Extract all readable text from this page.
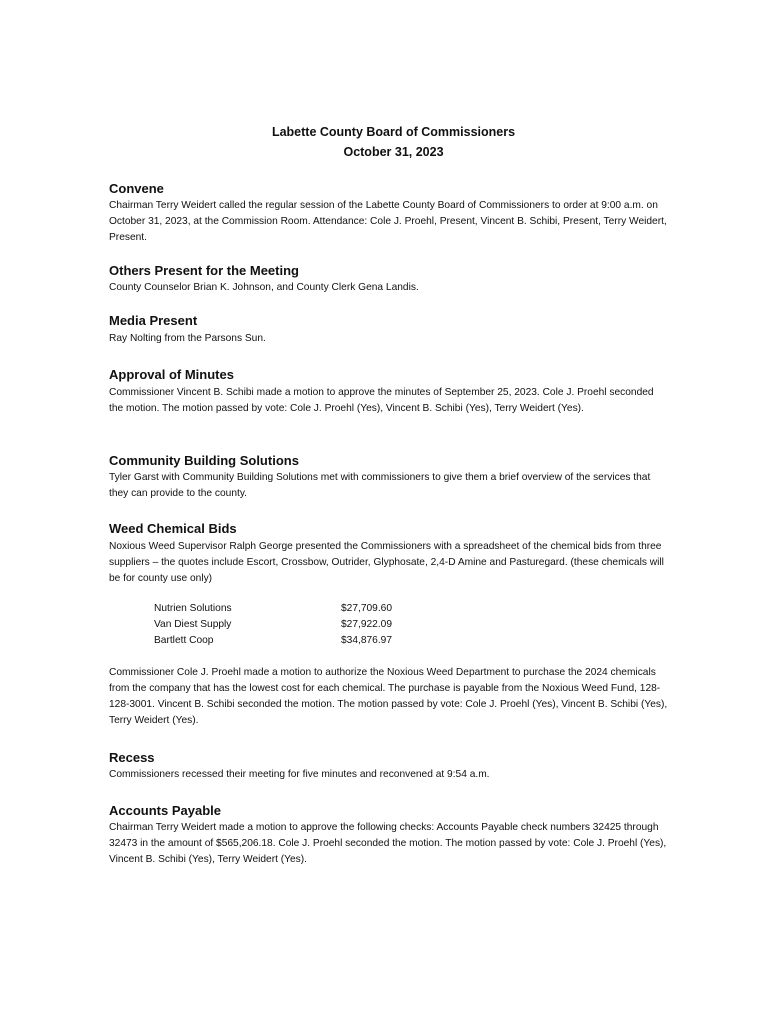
Labette County Board of Commissioners
October 31, 2023
Convene

Chairman Terry Weidert called the regular session of the Labette County Board of Commissioners to order at 9:00 a.m. on October 31, 2023, at the Commission Room. Attendance: Cole J. Proehl, Present, Vincent B. Schibi, Present, Terry Weidert, Present.

Others Present for the Meeting

County Counselor Brian K. Johnson, and County Clerk Gena Landis.

Media Present

Ray Nolting from the Parsons Sun.

Approval of Minutes

Commissioner Vincent B. Schibi made a motion to approve the minutes of September 25, 2023. Cole J. Proehl seconded the motion. The motion passed by vote: Cole J. Proehl (Yes), Vincent B. Schibi (Yes), Terry Weidert (Yes).

Community Building Solutions

Tyler Garst with Community Building Solutions met with commissioners to give them a brief overview of the services that they can provide to the county.

Weed Chemical Bids

Noxious Weed Supervisor Ralph George presented the Commissioners with a spreadsheet of the chemical bids from three suppliers – the quotes include Escort, Crossbow, Outrider, Glyphosate, 2,4-D Amine and Pasturegard. (these chemicals will be for county use only)

Nutrien Solutions	$27,709.60
Van Diest Supply	$27,922.09
Bartlett Coop	$34,876.97

Commissioner Cole J. Proehl made a motion to authorize the Noxious Weed Department to purchase the 2024 chemicals from the company that has the lowest cost for each chemical. The purchase is payable from the Noxious Weed Fund, 128-128-3001. Vincent B. Schibi seconded the motion. The motion passed by vote: Cole J. Proehl (Yes), Vincent B. Schibi (Yes), Terry Weidert (Yes).

Recess

Commissioners recessed their meeting for five minutes and reconvened at 9:54 a.m.

Accounts Payable

Chairman Terry Weidert made a motion to approve the following checks: Accounts Payable check numbers 32425 through 32473 in the amount of $565,206.18. Cole J. Proehl seconded the motion. The motion passed by vote: Cole J. Proehl (Yes), Vincent B. Schibi (Yes), Terry Weidert (Yes).
